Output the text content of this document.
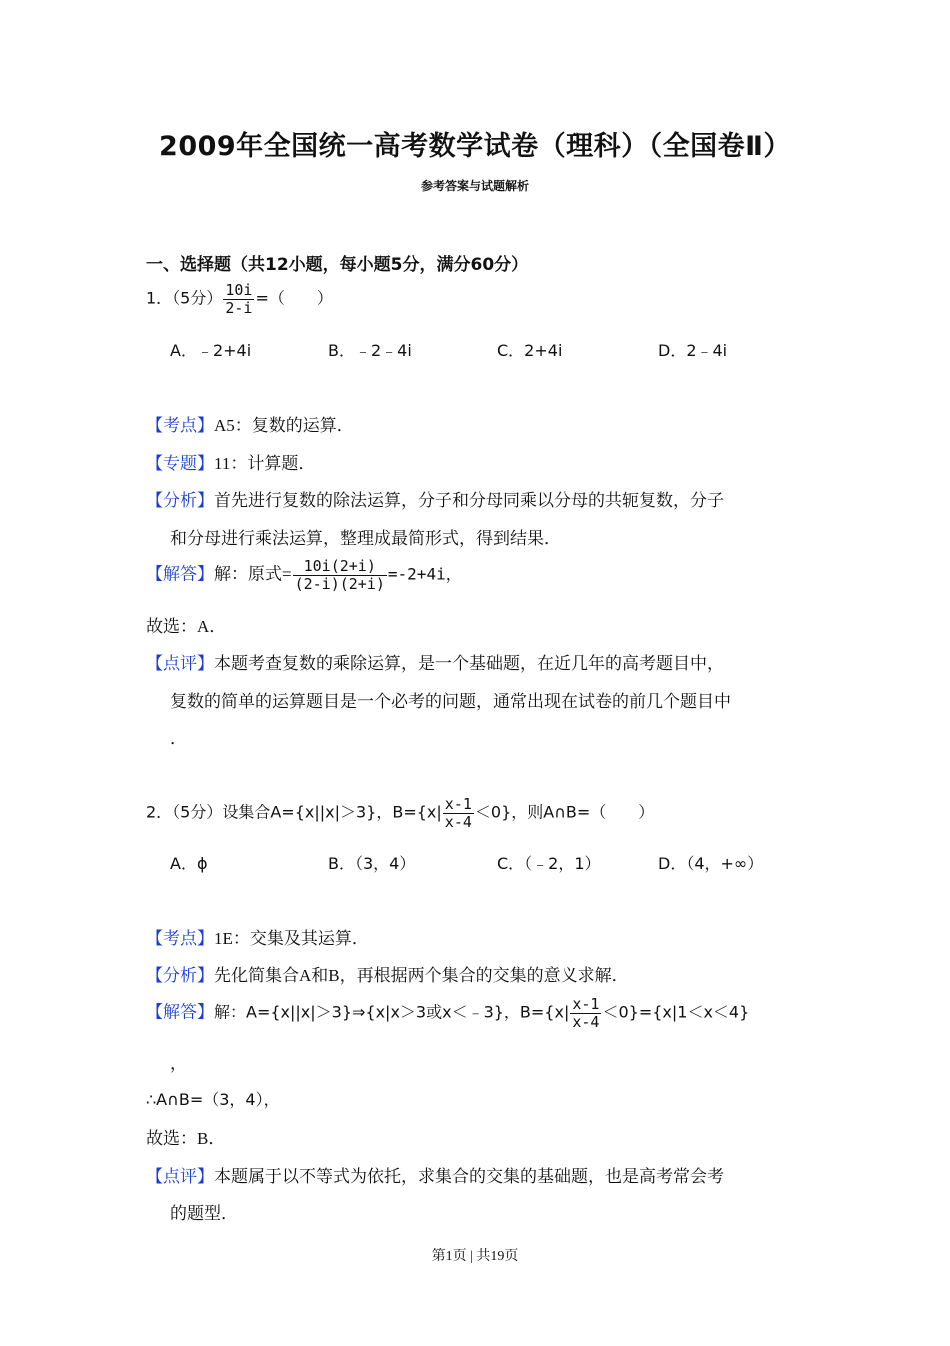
2009年全国统一高考数学试卷（理科）（全国卷Ⅱ）
参考答案与试题解析
一、选择题（共12小题，每小题5分，满分60分）
1．（5分） $\frac{10i}{2-i}$ =（　　）
A．﹣2+4i	B．﹣2﹣4i	C．2+4i	D．2﹣4i
【考点】A5：复数的运算．
【专题】11：计算题．
【分析】首先进行复数的除法运算，分子和分母同乘以分母的共轭复数，分子
和分母进行乘法运算，整理成最简形式，得到结果．
【解答】解：原式= $\frac{10i(2+i)}{(2-i)(2+i)} =-2+4i$，
故选：A．
【点评】本题考查复数的乘除运算，是一个基础题，在近几年的高考题目中，
复数的简单的运算题目是一个必考的问题，通常出现在试卷的前几个题目中
．
2．（5分）设集合A={x||x|＞3}，$B=\{x| \frac{x-1}{x-4} <0\}$，则A∩B=（　　）
A．ϕ	B．（3，4）	C．（﹣2，1）	D．（4，+∞）
【考点】1E：交集及其运算．
【分析】先化简集合A和B，再根据两个集合的交集的意义求解．
【解答】解：A={x||x|＞3}⇒{x|x＞3或x＜﹣3}，$B=\{x| \frac{x-1}{x-4} <0\}=\{x|1<x<4\}$
，
∴A∩B=（3，4），
故选：B．
【点评】本题属于以不等式为依托，求集合的交集的基础题，也是高考常会考
的题型．
第1页 | 共19页
